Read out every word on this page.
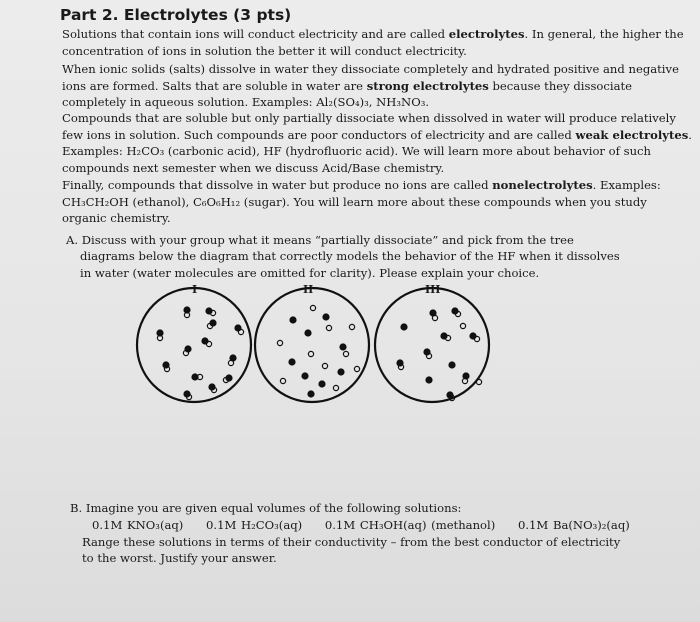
Part 2. Electrolytes (3 pts)

Solutions that contain ions will conduct electricity and are called electrolytes. In general, the higher the concentration of ions in solution the better it will conduct electricity.

When ionic solids (salts) dissolve in water they dissociate completely and hydrated positive and negative ions are formed. Salts that are soluble in water are strong electrolytes because they dissociate completely in aqueous solution. Examples: Al₂(SO₄)₃, NH₃NO₃.

Compounds that are soluble but only partially dissociate when dissolved in water will produce relatively few ions in solution. Such compounds are poor conductors of electricity and are called weak electrolytes. Examples: H₂CO₃ (carbonic acid), HF (hydrofluoric acid). We will learn more about behavior of such compounds next semester when we discuss Acid/Base chemistry.

Finally, compounds that dissolve in water but produce no ions are called nonelectrolytes. Examples: CH₃CH₂OH (ethanol), C₆O₆H₁₂ (sugar). You will learn more about these compounds when you study organic chemistry.

A. Discuss with your group what it means “partially dissociate” and pick from the tree diagrams below the diagram that correctly models the behavior of the HF when it dissolves in water (water molecules are omitted for clarity). Please explain your choice.
I	II	III
B. Imagine you are given equal volumes of the following solutions:
0.1M KNO₃(aq) 0.1M H₂CO₃(aq) 0.1M CH₃OH(aq) (methanol) 0.1M Ba(NO₃)₂(aq)
Range these solutions in terms of their conductivity – from the best conductor of electricity to the worst. Justify your answer.
